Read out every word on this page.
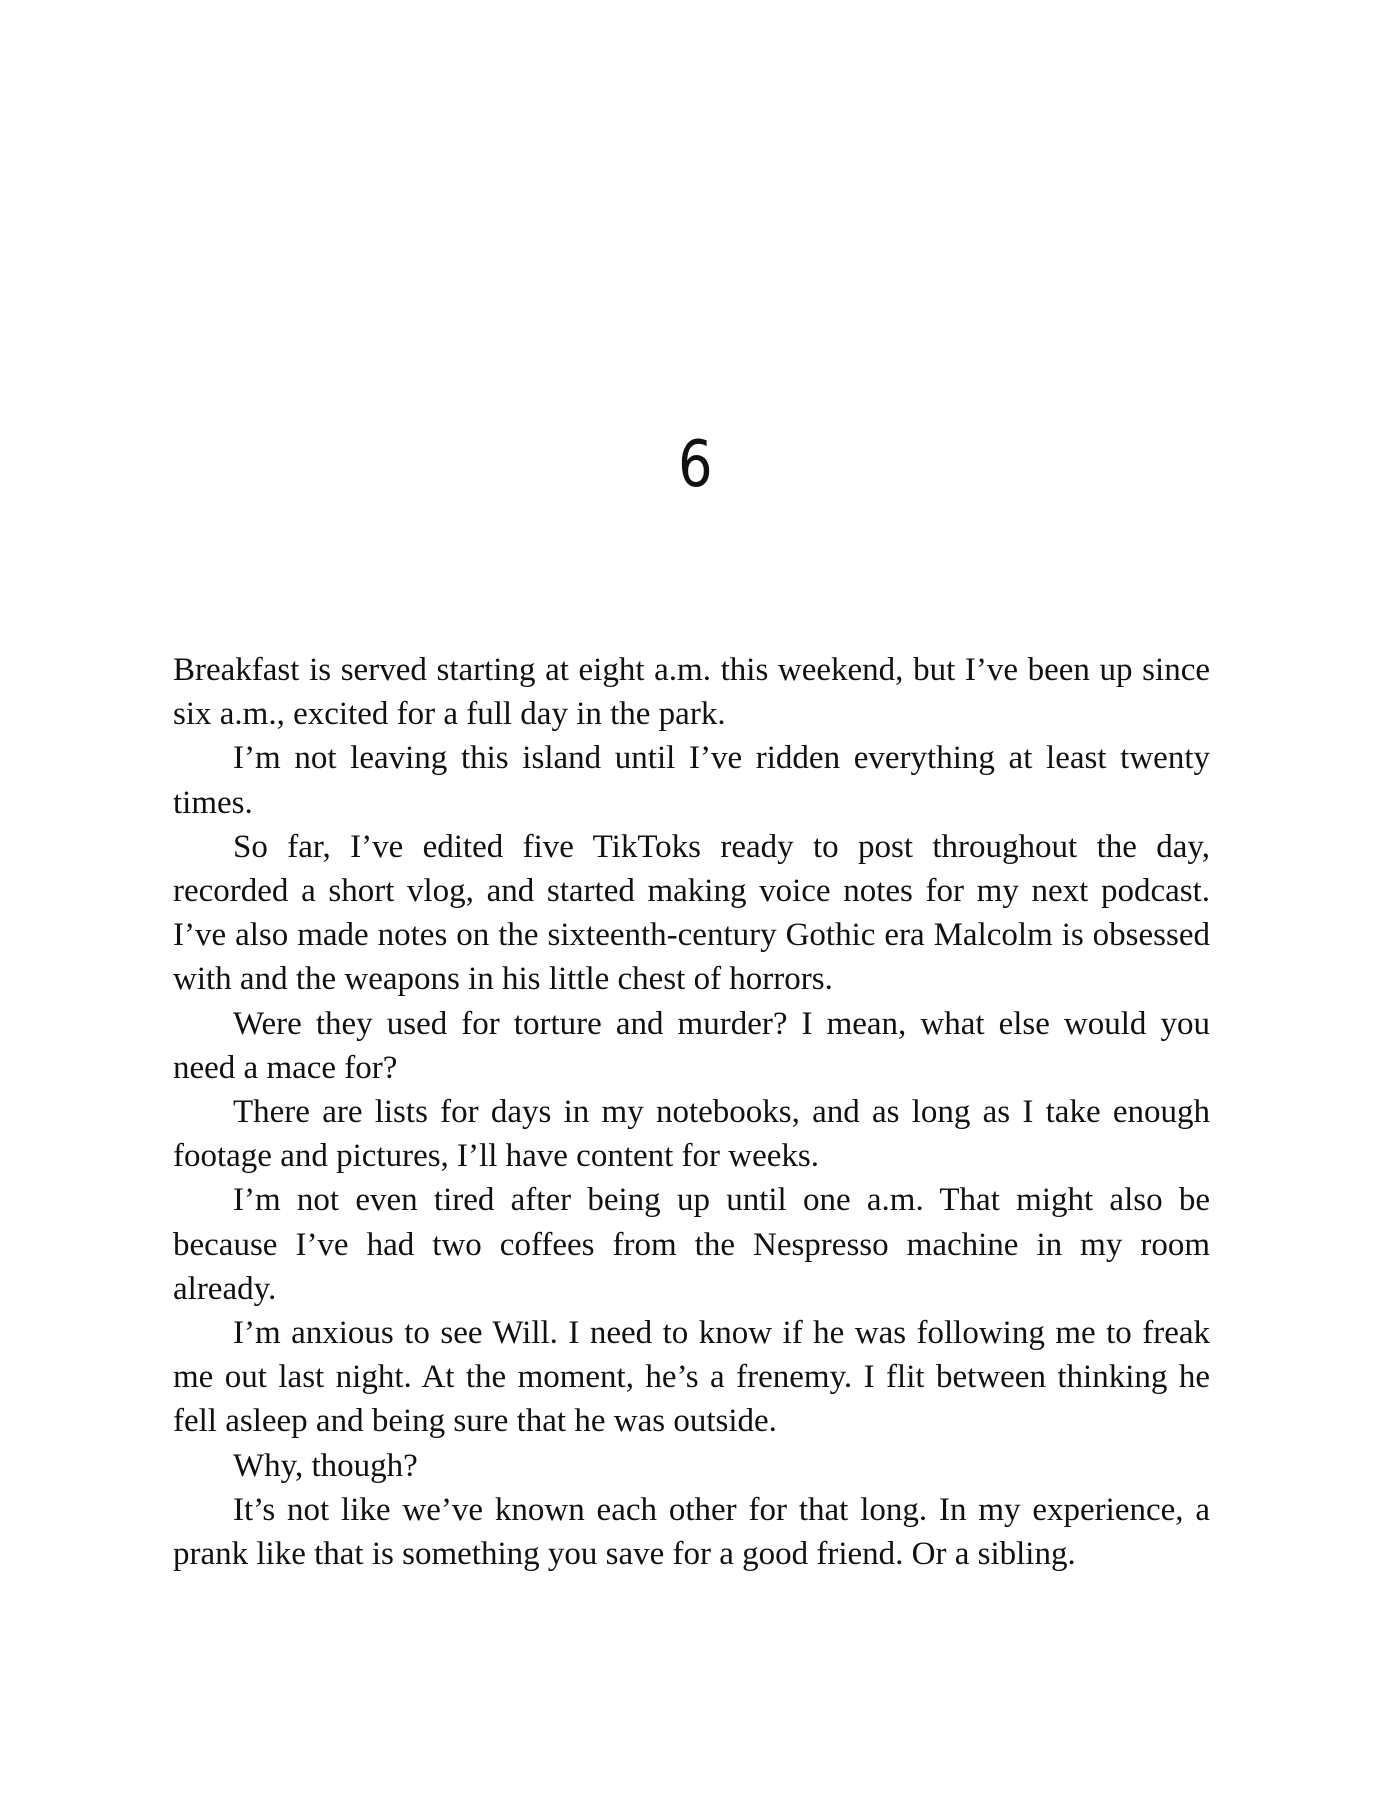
6

Breakfast is served starting at eight a.m. this weekend, but I’ve been up since six a.m., excited for a full day in the park.

I’m not leaving this island until I’ve ridden everything at least twenty times.

So far, I’ve edited five TikToks ready to post throughout the day, recorded a short vlog, and started making voice notes for my next podcast. I’ve also made notes on the sixteenth-century Gothic era Malcolm is obsessed with and the weapons in his little chest of horrors.

Were they used for torture and murder? I mean, what else would you need a mace for?

There are lists for days in my notebooks, and as long as I take enough footage and pictures, I’ll have content for weeks.

I’m not even tired after being up until one a.m. That might also be because I’ve had two coffees from the Nespresso machine in my room already.

I’m anxious to see Will. I need to know if he was following me to freak me out last night. At the moment, he’s a frenemy. I flit between thinking he fell asleep and being sure that he was outside.

Why, though?

It’s not like we’ve known each other for that long. In my experience, a prank like that is something you save for a good friend. Or a sibling.
